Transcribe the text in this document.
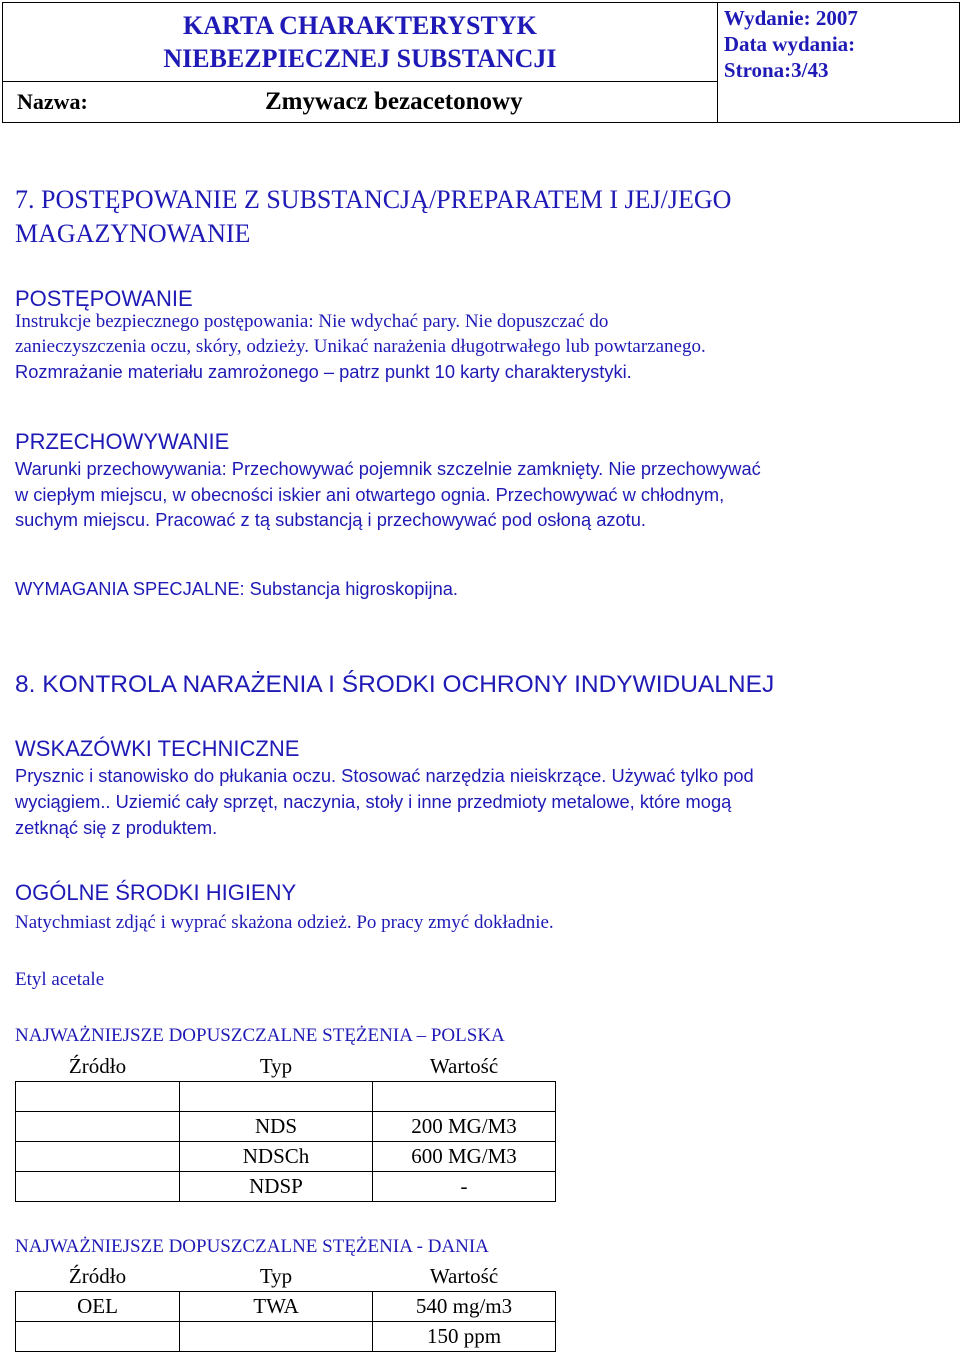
KARTA CHARAKTERYSTYK
NIEBEZPIECZNEJ SUBSTANCJI

Wydanie: 2007
Data wydania:
Strona:3/43

Nazwa:	Zmywacz bezacetonowy
7. POSTĘPOWANIE Z SUBSTANCJĄ/PREPARATEM I JEJ/JEGO
MAGAZYNOWANIE
POSTĘPOWANIE
Instrukcje bezpiecznego postępowania: Nie wdychać pary. Nie dopuszczać do
zanieczyszczenia oczu, skóry, odzieży. Unikać narażenia długotrwałego lub powtarzanego.
Rozmrażanie materiału zamrożonego – patrz punkt 10 karty charakterystyki.
PRZECHOWYWANIE
Warunki przechowywania: Przechowywać pojemnik szczelnie zamknięty. Nie przechowywać
w ciepłym miejscu, w obecności iskier ani otwartego ognia. Przechowywać w chłodnym,
suchym miejscu. Pracować z tą substancją i przechowywać pod osłoną azotu.
WYMAGANIA SPECJALNE: Substancja higroskopijna.
8. KONTROLA NARAŻENIA I ŚRODKI OCHRONY INDYWIDUALNEJ
WSKAZÓWKI TECHNICZNE
Prysznic i stanowisko do płukania oczu. Stosować narzędzia nieiskrzące. Używać tylko pod
wyciągiem.. Uziemić cały sprzęt, naczynia, stoły i inne przedmioty metalowe, które mogą
zetknąć się z produktem.
OGÓLNE ŚRODKI HIGIENY
Natychmiast zdjąć i wyprać skażona odzież. Po pracy zmyć dokładnie.
Etyl acetale
NAJWAŻNIEJSZE DOPUSZCZALNE STĘŻENIA – POLSKA
Źródło	Typ	Wartość

	NDS	200 MG/M3
	NDSCh	600 MG/M3
	NDSP	-
NAJWAŻNIEJSZE DOPUSZCZALNE STĘŻENIA - DANIA
Źródło	Typ	Wartość
OEL	TWA	540 mg/m3
		150 ppm
